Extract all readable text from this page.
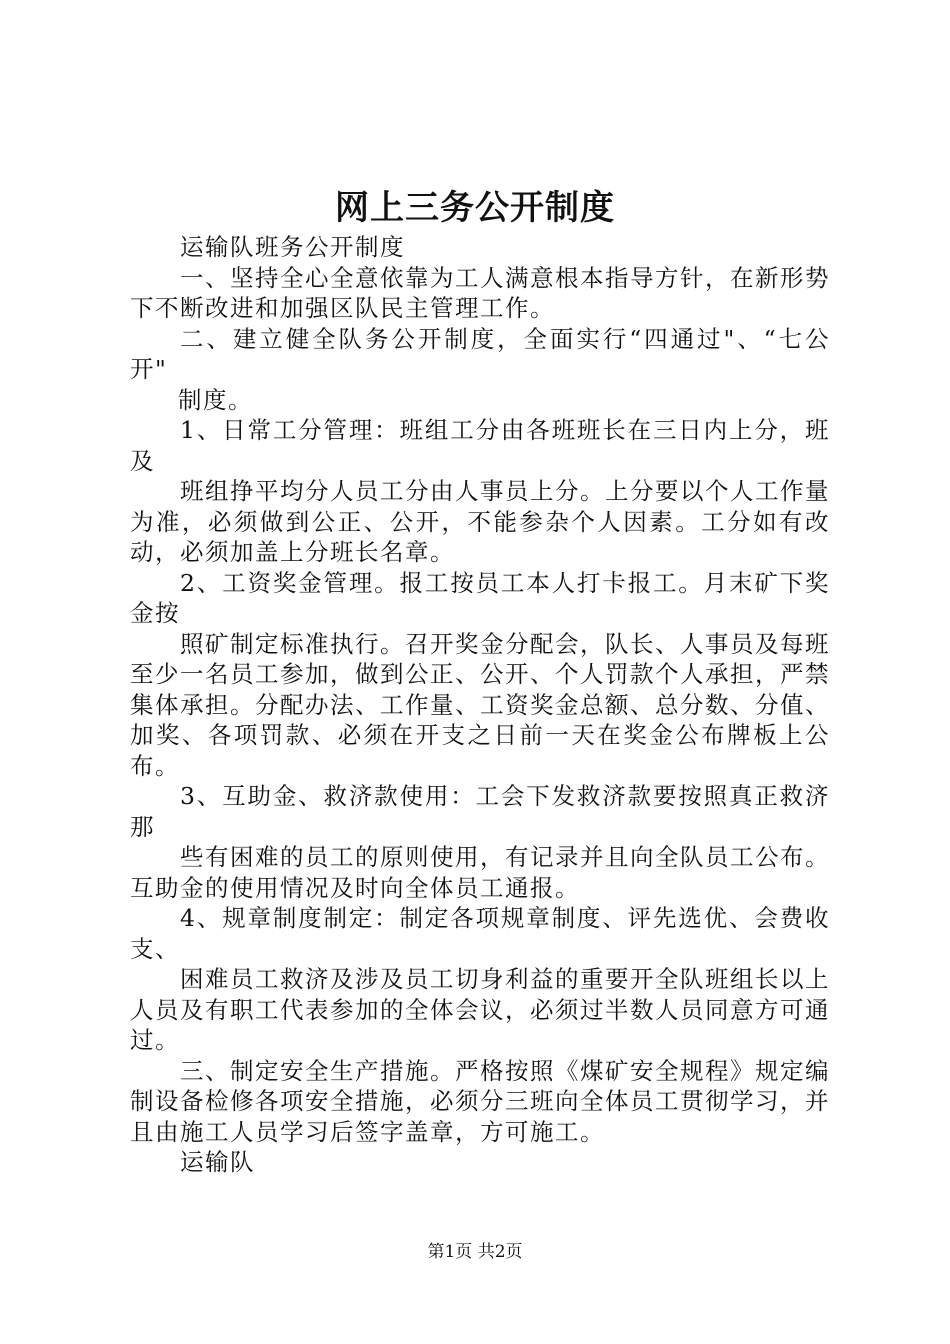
网上三务公开制度

运输队班务公开制度

一、坚持全心全意依靠为工人满意根本指导方针，在新形势下不断改进和加强区队民主管理工作。

二、建立健全队务公开制度，全面实行“四通过"、“七公开"

制度。

1、日常工分管理：班组工分由各班班长在三日内上分，班及

班组挣平均分人员工分由人事员上分。上分要以个人工作量为准，必须做到公正、公开，不能参杂个人因素。工分如有改动，必须加盖上分班长名章。

2、工资奖金管理。报工按员工本人打卡报工。月末矿下奖金按

照矿制定标准执行。召开奖金分配会，队长、人事员及每班至少一名员工参加，做到公正、公开、个人罚款个人承担，严禁集体承担。分配办法、工作量、工资奖金总额、总分数、分值、加奖、各项罚款、必须在开支之日前一天在奖金公布牌板上公布。

3、互助金、救济款使用：工会下发救济款要按照真正救济那

些有困难的员工的原则使用，有记录并且向全队员工公布。互助金的使用情况及时向全体员工通报。

4、规章制度制定：制定各项规章制度、评先选优、会费收支、

困难员工救济及涉及员工切身利益的重要开全队班组长以上人员及有职工代表参加的全体会议，必须过半数人员同意方可通过。

三、制定安全生产措施。严格按照《煤矿安全规程》规定编制设备检修各项安全措施，必须分三班向全体员工贯彻学习，并且由施工人员学习后签字盖章，方可施工。

运输队

第1页 共2页
